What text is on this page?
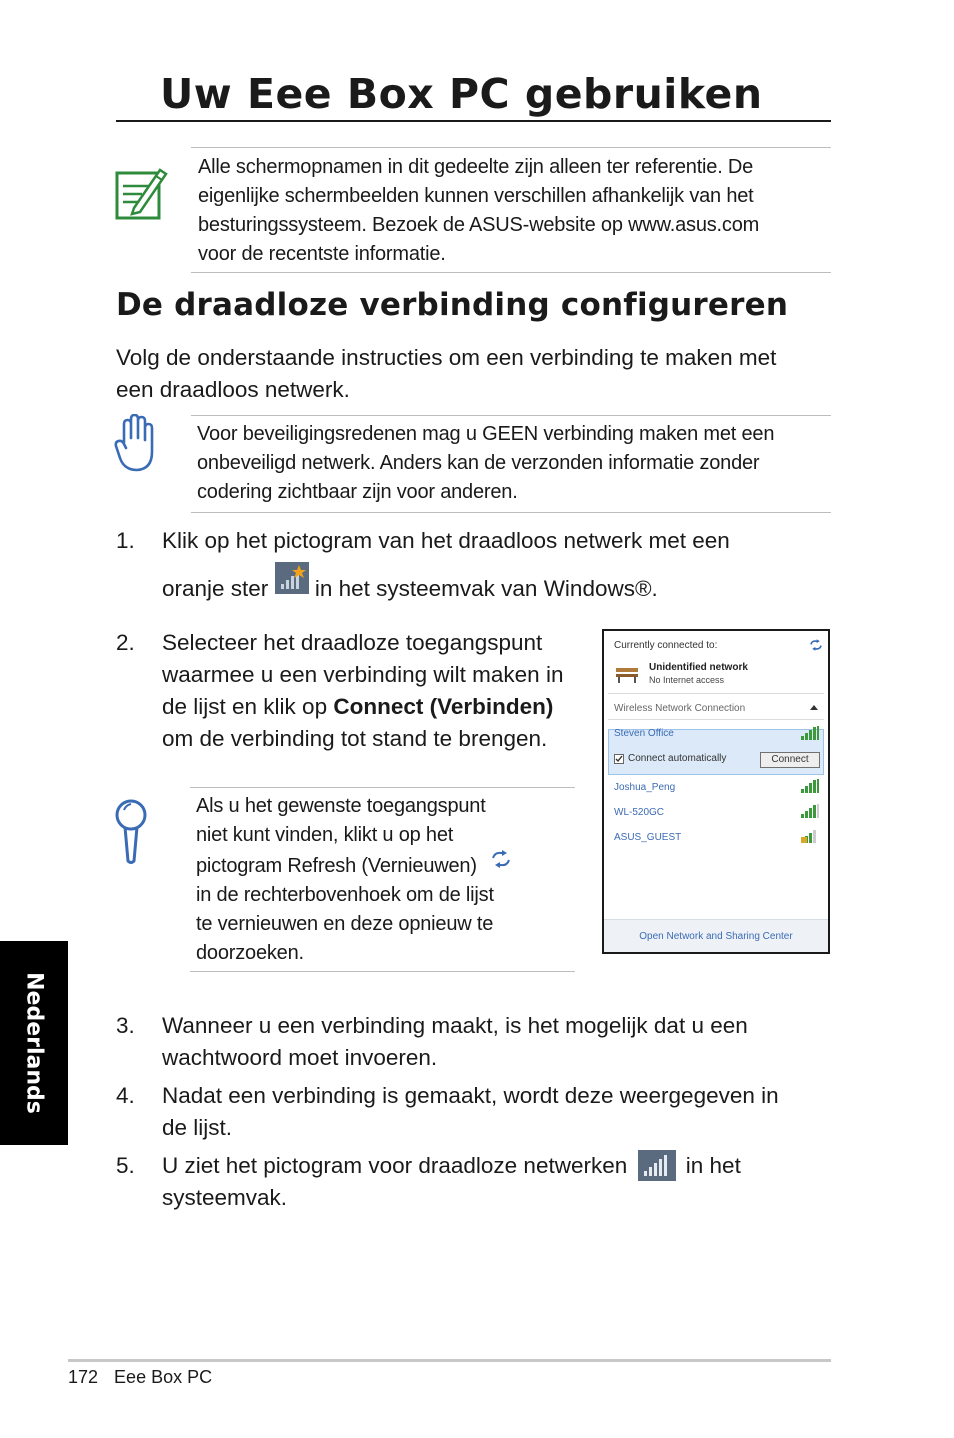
Uw Eee Box PC gebruiken
Alle schermopnamen in dit gedeelte zijn alleen ter referentie. De
eigenlijke schermbeelden kunnen verschillen afhankelijk van het
besturingssysteem. Bezoek de ASUS-website op www.asus.com
voor de recentste informatie.
De draadloze verbinding configureren
Volg de onderstaande instructies om een verbinding te maken met
een draadloos netwerk.
Voor beveiligingsredenen mag u GEEN verbinding maken met een
onbeveiligd netwerk. Anders kan de verzonden informatie zonder
codering zichtbaar zijn voor anderen.
1.	Klik op het pictogram van het draadloos netwerk met een
oranje ster in het systeemvak van Windows®.
2.	Selecteer het draadloze toegangspunt
waarmee u een verbinding wilt maken in
de lijst en klik op Connect (Verbinden)
om de verbinding tot stand te brengen.
Als u het gewenste toegangspunt
niet kunt vinden, klikt u op het
pictogram Refresh (Vernieuwen)
in de rechterbovenhoek om de lijst
te vernieuwen en deze opnieuw te
doorzoeken.
Currently connected to:
Unidentified network
No Internet access
Wireless Network Connection
Steven Office
Connect automatically	Connect
Joshua_Peng
WL-520GC
ASUS_GUEST
Open Network and Sharing Center
3.	Wanneer u een verbinding maakt, is het mogelijk dat u een
wachtwoord moet invoeren.
4.	Nadat een verbinding is gemaakt, wordt deze weergegeven in
de lijst.
5.	U ziet het pictogram voor draadloze netwerken	in het
systeemvak.
Nederlands
172 Eee Box PC
